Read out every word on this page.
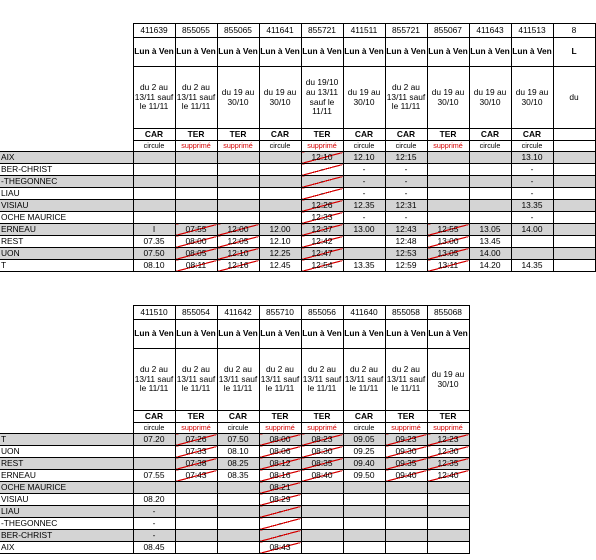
	411639	855055	855065	411641	855721	411511	855721	855067	411643	411513	8
	Lun à Ven	Lun à Ven	Lun à Ven	Lun à Ven	Lun à Ven	Lun à Ven	Lun à Ven	Lun à Ven	Lun à Ven	Lun à Ven	L
	du 2 au 13/11 sauf le 11/11	du 2 au 13/11 sauf le 11/11	du 19 au 30/10	du 19 au 30/10	du 19/10 au 13/11 sauf le 11/11	du 19 au 30/10	du 2 au 13/11 sauf le 11/11	du 19 au 30/10	du 19 au 30/10	du 19 au 30/10	du
	CAR	TER	TER	CAR	TER	CAR	CAR	TER	CAR	CAR	
	circule	supprimé	supprimé	circule	supprimé	circule	circule	supprimé	circule	circule	
AIX					12:10	12.10	12:15			13.10	
BER-CHRIST					-	-	-			-	
-THEGONNEC					-	-	-			-	
LIAU					-	-	-			-	
VISIAU					12:26	12.35	12:31			13.35	
OCHE MAURICE					12:33	-	-			-	
ERNEAU	I	07:55	12:00	12.00	12:37	13.00	12:43	12:55	13.05	14.00	
REST	07.35	08:00	12:05	12.10	12:42		12:48	13:00	13.45		
UON	07.50	08:05	12:10	12.25	12:47		12:53	13:05	14.00		
T	08.10	08:11	12:16	12.45	12:54	13.35	12:59	13:11	14.20	14.35	
	411510	855054	411642	855710	855056	411640	855058	855068
	Lun à Ven	Lun à Ven	Lun à Ven	Lun à Ven	Lun à Ven	Lun à Ven	Lun à Ven	Lun à Ven
	du 2 au 13/11 sauf le 11/11	du 2 au 13/11 sauf le 11/11	du 2 au 13/11 sauf le 11/11	du 2 au 13/11 sauf le 11/11	du 2 au 13/11 sauf le 11/11	du 2 au 13/11 sauf le 11/11	du 2 au 13/11 sauf le 11/11	du 19 au 30/10
	CAR	TER	CAR	TER	TER	CAR	TER	TER
	circule	supprimé	circule	supprimé	supprimé	circule	supprimé	supprimé
T	07.20	07:26	07.50	08:00	08:23	09.05	09:23	12:23
UON		07:33	08.10	08:06	08:30	09.25	09:30	12:30
REST		07:38	08.25	08:12	08:35	09.40	09:35	12:35
ERNEAU	07.55	07:43	08.35	08:16	08:40	09.50	09:40	12:40
OCHE MAURICE				08:21				
VISIAU	08.20			08:29				
LIAU	-			-				
-THEGONNEC	-			-				
BER-CHRIST	-			-				
AIX	08.45			08:43				
